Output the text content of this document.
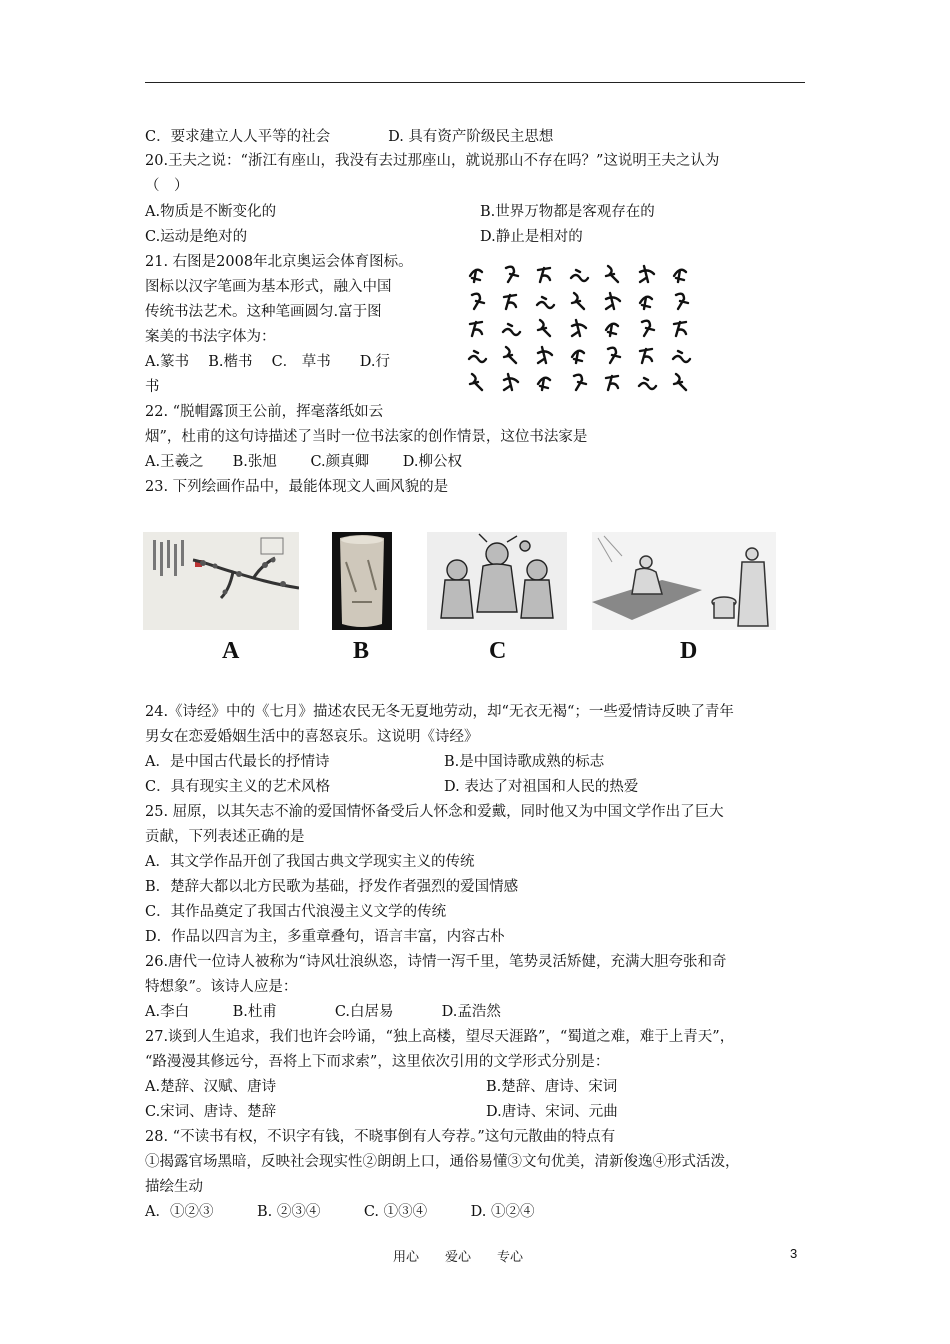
C．要求建立人人平等的社会　　　　D. 具有资产阶级民主思想
20.王夫之说：“浙江有座山，我没有去过那座山，就说那山不存在吗？”这说明王夫之认为
（　）
A.物质是不断变化的	B.世界万物都是客观存在的
C.运动是绝对的	D.静止是相对的
21. 右图是2008年北京奥运会体育图标。
图标以汉字笔画为基本形式，融入中国
传统书法艺术。这种笔画圆匀.富于图
案美的书法字体为：
A.篆书　 B.楷书　 C． 草书　　D.行
书
22. “脱帽露顶王公前，挥毫落纸如云
烟”，杜甫的这句诗描述了当时一位书法家的创作情景，这位书法家是
A.王羲之　　B.张旭　　 C.颜真卿　　 D.柳公权
23. 下列绘画作品中，最能体现文人画风貌的是
A	B	C	D
24.《诗经》中的《七月》描述农民无冬无夏地劳动，却“无衣无褐“；一些爱情诗反映了青年
男女在恋爱婚姻生活中的喜怒哀乐。这说明《诗经》
A．是中国古代最长的抒情诗	B.是中国诗歌成熟的标志
C．具有现实主义的艺术风格	D. 表达了对祖国和人民的热爱
25. 屈原，以其矢志不渝的爱国情怀备受后人怀念和爱戴，同时他又为中国文学作出了巨大
贡献，下列表述正确的是
A．其文学作品开创了我国古典文学现实主义的传统
B．楚辞大都以北方民歌为基础，抒发作者强烈的爱国情感
C．其作品奠定了我国古代浪漫主义文学的传统
D．作品以四言为主，多重章叠句，语言丰富，内容古朴
26.唐代一位诗人被称为“诗风壮浪纵恣，诗情一泻千里，笔势灵活矫健，充满大胆夸张和奇
特想象”。该诗人应是：
A.李白　　　B.杜甫　　　　C.白居易　　　 D.孟浩然
27.谈到人生追求，我们也许会吟诵，“独上高楼，望尽天涯路”，“蜀道之难，难于上青天”，
“路漫漫其修远兮，吾将上下而求索”，这里依次引用的文学形式分别是：
A.楚辞、汉赋、唐诗	B.楚辞、唐诗、宋词
C.宋词、唐诗、楚辞	D.唐诗、宋词、元曲
28. “不读书有权，不识字有钱，不晓事倒有人夸荐。”这句元散曲的特点有
①揭露官场黑暗，反映社会现实性②朗朗上口，通俗易懂③文句优美，清新俊逸④形式活泼，
描绘生动
A．①②③　　　B. ②③④　　　C. ①③④　　　D. ①②④
用心　　爱心　　专心	3
